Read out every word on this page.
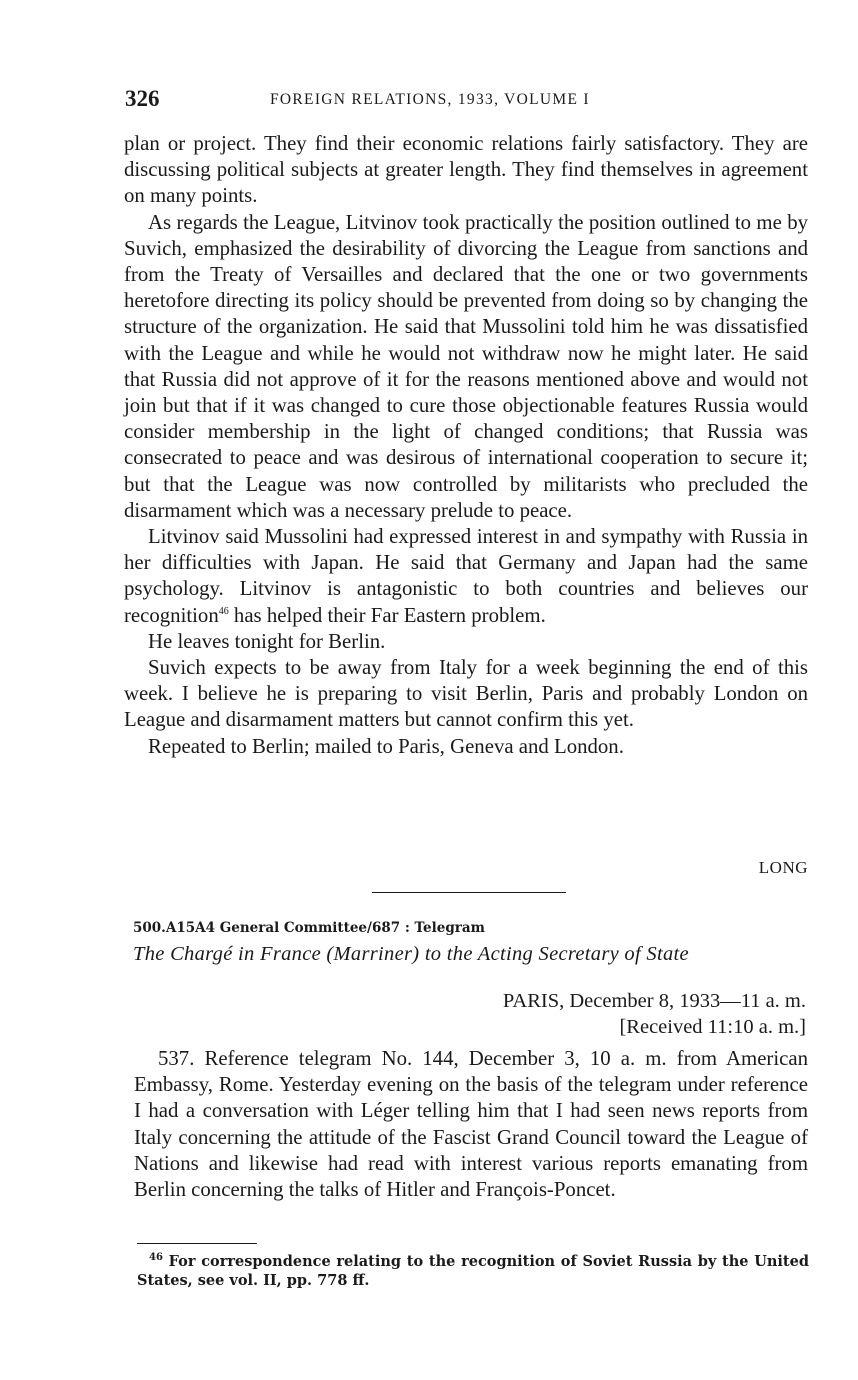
326	FOREIGN RELATIONS, 1933, VOLUME I

plan or project. They find their economic relations fairly satisfactory. They are discussing political subjects at greater length. They find themselves in agreement on many points.

As regards the League, Litvinov took practically the position outlined to me by Suvich, emphasized the desirability of divorcing the League from sanctions and from the Treaty of Versailles and declared that the one or two governments heretofore directing its policy should be prevented from doing so by changing the structure of the organization. He said that Mussolini told him he was dissatisfied with the League and while he would not withdraw now he might later. He said that Russia did not approve of it for the reasons mentioned above and would not join but that if it was changed to cure those objectionable features Russia would consider membership in the light of changed conditions; that Russia was consecrated to peace and was desirous of international cooperation to secure it; but that the League was now controlled by militarists who precluded the disarmament which was a necessary prelude to peace.

Litvinov said Mussolini had expressed interest in and sympathy with Russia in her difficulties with Japan. He said that Germany and Japan had the same psychology. Litvinov is antagonistic to both countries and believes our recognition$^{46}$ has helped their Far Eastern problem.

He leaves tonight for Berlin.

Suvich expects to be away from Italy for a week beginning the end of this week. I believe he is preparing to visit Berlin, Paris and probably London on League and disarmament matters but cannot confirm this yet.

Repeated to Berlin; mailed to Paris, Geneva and London.

LONG
500.A15A4 General Committee/687 : Telegram
The Chargé in France (Marriner) to the Acting Secretary of State
PARIS, December 8, 1933—11 a. m.
[Received 11:10 a. m.]

537. Reference telegram No. 144, December 3, 10 a. m. from American Embassy, Rome. Yesterday evening on the basis of the telegram under reference I had a conversation with Léger telling him that I had seen news reports from Italy concerning the attitude of the Fascist Grand Council toward the League of Nations and likewise had read with interest various reports emanating from Berlin concerning the talks of Hitler and François-Poncet.

$^{46}$ For correspondence relating to the recognition of Soviet Russia by the United States, see vol. II, pp. 778 ff.
